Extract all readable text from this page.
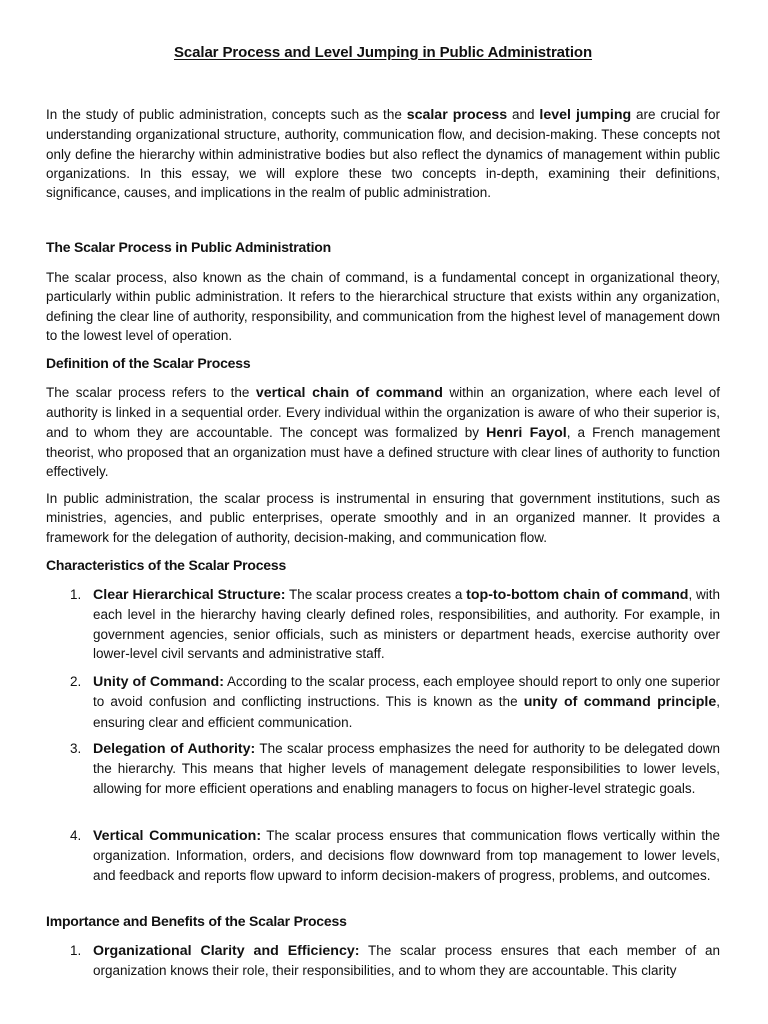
Scalar Process and Level Jumping in Public Administration

In the study of public administration, concepts such as the scalar process and level jumping are crucial for understanding organizational structure, authority, communication flow, and decision-making. These concepts not only define the hierarchy within administrative bodies but also reflect the dynamics of management within public organizations. In this essay, we will explore these two concepts in-depth, examining their definitions, significance, causes, and implications in the realm of public administration.

The Scalar Process in Public Administration

The scalar process, also known as the chain of command, is a fundamental concept in organizational theory, particularly within public administration. It refers to the hierarchical structure that exists within any organization, defining the clear line of authority, responsibility, and communication from the highest level of management down to the lowest level of operation.

Definition of the Scalar Process

The scalar process refers to the vertical chain of command within an organization, where each level of authority is linked in a sequential order. Every individual within the organization is aware of who their superior is, and to whom they are accountable. The concept was formalized by Henri Fayol, a French management theorist, who proposed that an organization must have a defined structure with clear lines of authority to function effectively.

In public administration, the scalar process is instrumental in ensuring that government institutions, such as ministries, agencies, and public enterprises, operate smoothly and in an organized manner. It provides a framework for the delegation of authority, decision-making, and communication flow.

Characteristics of the Scalar Process
1. Clear Hierarchical Structure: The scalar process creates a top-to-bottom chain of command, with each level in the hierarchy having clearly defined roles, responsibilities, and authority. For example, in government agencies, senior officials, such as ministers or department heads, exercise authority over lower-level civil servants and administrative staff.

2. Unity of Command: According to the scalar process, each employee should report to only one superior to avoid confusion and conflicting instructions. This is known as the unity of command principle, ensuring clear and efficient communication.

3. Delegation of Authority: The scalar process emphasizes the need for authority to be delegated down the hierarchy. This means that higher levels of management delegate responsibilities to lower levels, allowing for more efficient operations and enabling managers to focus on higher-level strategic goals.

4. Vertical Communication: The scalar process ensures that communication flows vertically within the organization. Information, orders, and decisions flow downward from top management to lower levels, and feedback and reports flow upward to inform decision-makers of progress, problems, and outcomes.

Importance and Benefits of the Scalar Process
1. Organizational Clarity and Efficiency: The scalar process ensures that each member of an organization knows their role, their responsibilities, and to whom they are accountable. This clarity
